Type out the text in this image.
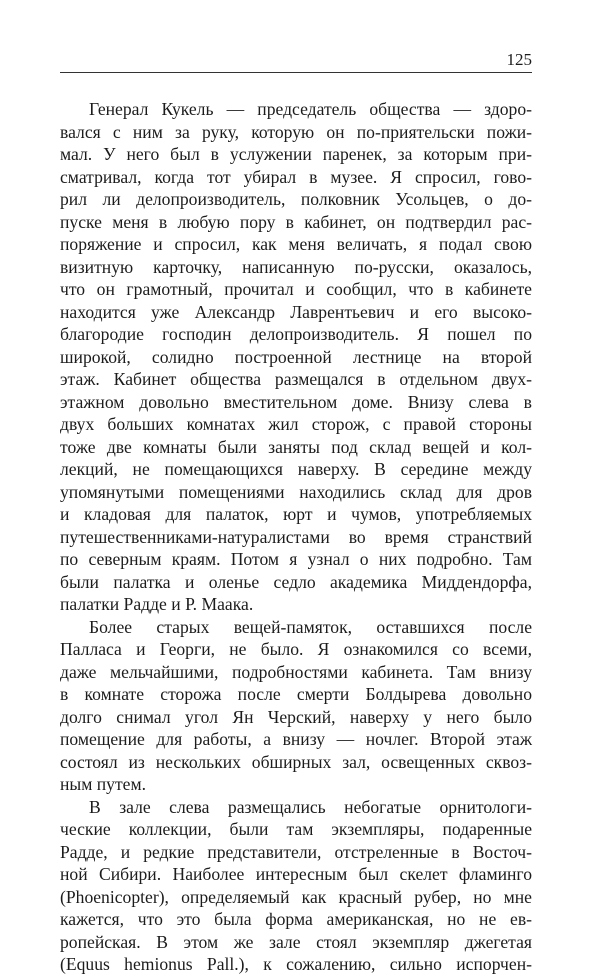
125

Генерал Кукель — председатель общества — здоро-
вался с ним за руку, которую он по-приятельски пожи-
мал. У него был в услужении паренек, за которым при-
сматривал, когда тот убирал в музее. Я спросил, гово-
рил ли делопроизводитель, полковник Усольцев, о до-
пуске меня в любую пору в кабинет, он подтвердил рас-
поряжение и спросил, как меня величать, я подал свою
визитную карточку, написанную по-русски, оказалось,
что он грамотный, прочитал и сообщил, что в кабинете
находится уже Александр Лаврентьевич и его высоко-
благородие господин делопроизводитель. Я пошел по
широкой, солидно построенной лестнице на второй
этаж. Кабинет общества размещался в отдельном двух-
этажном довольно вместительном доме. Внизу слева в
двух больших комнатах жил сторож, с правой стороны
тоже две комнаты были заняты под склад вещей и кол-
лекций, не помещающихся наверху. В середине между
упомянутыми помещениями находились склад для дров
и кладовая для палаток, юрт и чумов, употребляемых
путешественниками-натуралистами во время странствий
по северным краям. Потом я узнал о них подробно. Там
были палатка и оленье седло академика Миддендорфа,
палатки Радде и Р. Маака.

Более старых вещей-памяток, оставшихся после
Палласа и Георги, не было. Я ознакомился со всеми,
даже мельчайшими, подробностями кабинета. Там внизу
в комнате сторожа после смерти Болдырева довольно
долго снимал угол Ян Черский, наверху у него было
помещение для работы, а внизу — ночлег. Второй этаж
состоял из нескольких обширных зал, освещенных сквоз-
ным путем.

В зале слева размещались небогатые орнитологи-
ческие коллекции, были там экземпляры, подаренные
Радде, и редкие представители, отстреленные в Восточ-
ной Сибири. Наиболее интересным был скелет фламинго
(Phoenicopter), определяемый как красный рубер, но мне
кажется, что это была форма американская, но не ев-
ропейская. В этом же зале стоял экземпляр джегетая
(Equus hemionus Pall.), к сожалению, сильно испорчен-
